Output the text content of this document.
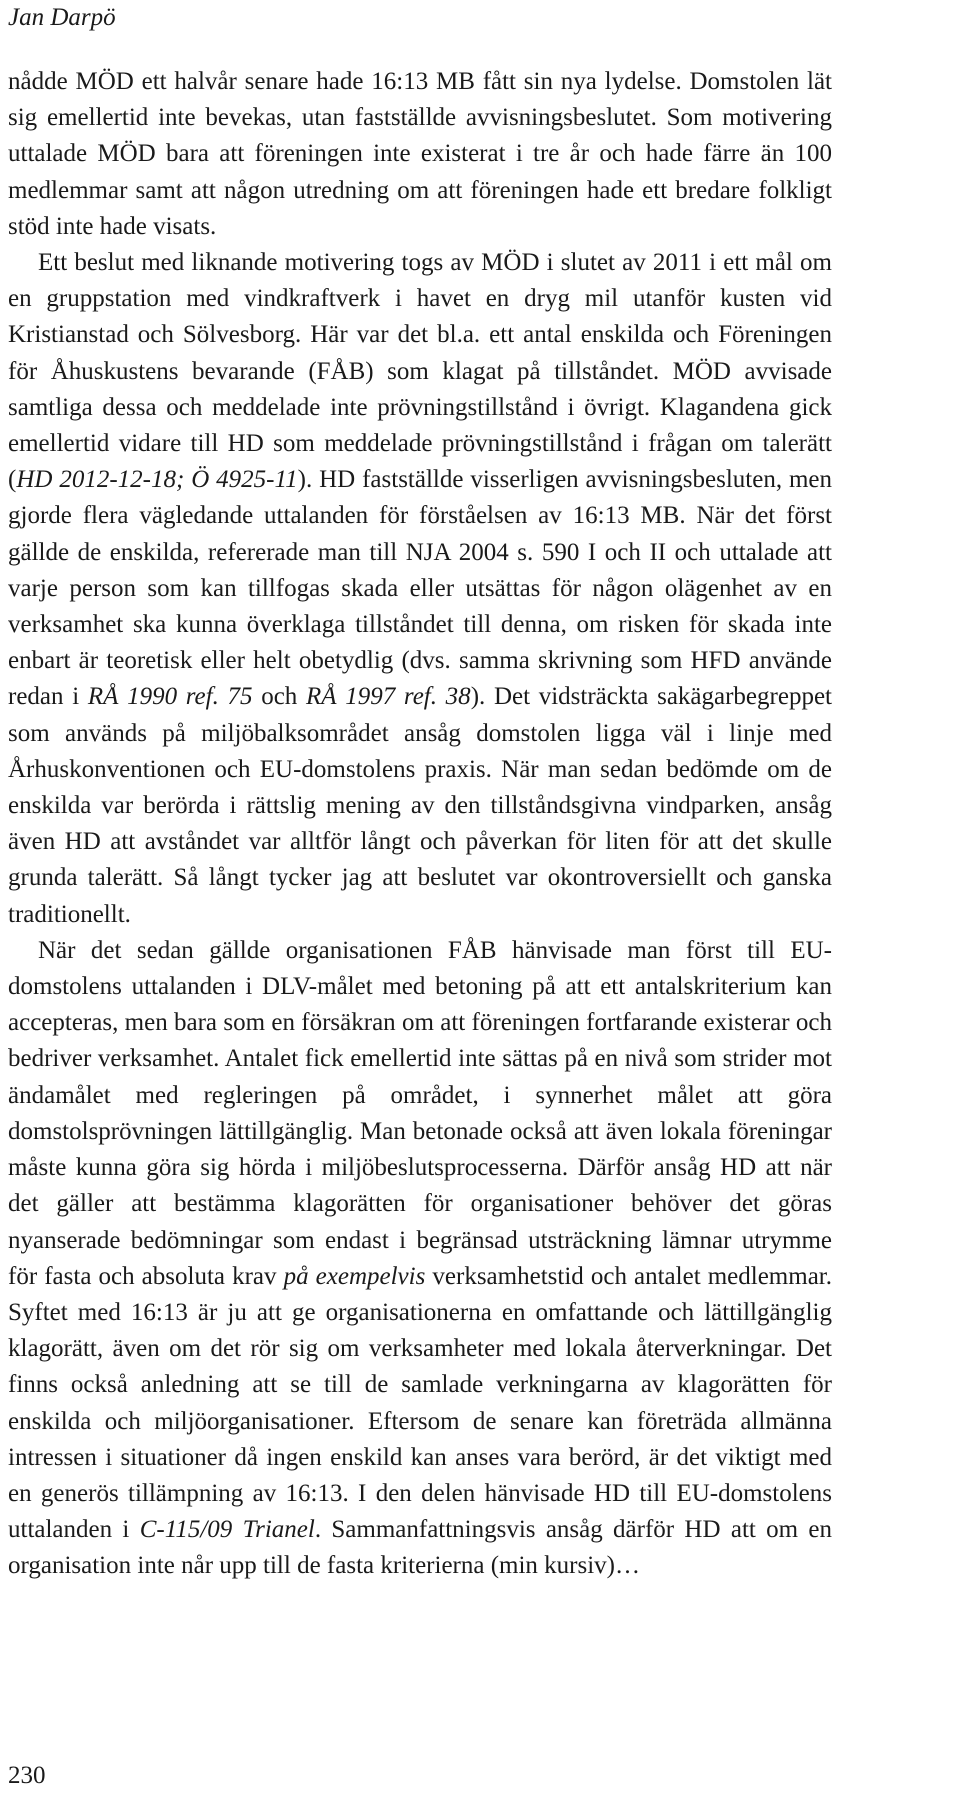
Jan Darpö

nådde MÖD ett halvår senare hade 16:13 MB fått sin nya lydelse. Domstolen lät sig emellertid inte bevekas, utan fastställde avvisningsbeslutet. Som motivering uttalade MÖD bara att föreningen inte existerat i tre år och hade färre än 100 medlemmar samt att någon utredning om att föreningen hade ett bredare folkligt stöd inte hade visats.

Ett beslut med liknande motivering togs av MÖD i slutet av 2011 i ett mål om en gruppstation med vindkraftverk i havet en dryg mil utanför kusten vid Kristianstad och Sölvesborg. Här var det bl.a. ett antal enskilda och Föreningen för Åhuskustens bevarande (FÅB) som klagat på tillståndet. MÖD avvisade samtliga dessa och meddelade inte prövningstillstånd i övrigt. Klagandena gick emellertid vidare till HD som meddelade prövningstillstånd i frågan om talerätt (HD 2012-12-18; Ö 4925-11). HD fastställde visserligen avvisningsbesluten, men gjorde flera vägledande uttalanden för förståelsen av 16:13 MB. När det först gällde de enskilda, refererade man till NJA 2004 s. 590 I och II och uttalade att varje person som kan tillfogas skada eller utsättas för någon olägenhet av en verksamhet ska kunna överklaga tillståndet till denna, om risken för skada inte enbart är teoretisk eller helt obetydlig (dvs. samma skrivning som HFD använde redan i RÅ 1990 ref. 75 och RÅ 1997 ref. 38). Det vidsträckta sakägarbegreppet som används på miljöbalksområdet ansåg domstolen ligga väl i linje med Århuskonventionen och EU-domstolens praxis. När man sedan bedömde om de enskilda var berörda i rättslig mening av den tillståndsgivna vindparken, ansåg även HD att avståndet var alltför långt och påverkan för liten för att det skulle grunda talerätt. Så långt tycker jag att beslutet var okontroversiellt och ganska traditionellt.

När det sedan gällde organisationen FÅB hänvisade man först till EU-domstolens uttalanden i DLV-målet med betoning på att ett antalskriterium kan accepteras, men bara som en försäkran om att föreningen fortfarande existerar och bedriver verksamhet. Antalet fick emellertid inte sättas på en nivå som strider mot ändamålet med regleringen på området, i synnerhet målet att göra domstolsprövningen lättillgänglig. Man betonade också att även lokala föreningar måste kunna göra sig hörda i miljöbeslutsprocesserna. Därför ansåg HD att när det gäller att bestämma klagorätten för organisationer behöver det göras nyanserade bedömningar som endast i begränsad utsträckning lämnar utrymme för fasta och absoluta krav på exempelvis verksamhetstid och antalet medlemmar. Syftet med 16:13 är ju att ge organisationerna en omfattande och lättillgänglig klagorätt, även om det rör sig om verksamheter med lokala återverkningar. Det finns också anledning att se till de samlade verkningarna av klagorätten för enskilda och miljöorganisationer. Eftersom de senare kan företräda allmänna intressen i situationer då ingen enskild kan anses vara berörd, är det viktigt med en generös tillämpning av 16:13. I den delen hänvisade HD till EU-domstolens uttalanden i C-115/09 Trianel. Sammanfattningsvis ansåg därför HD att om en organisation inte når upp till de fasta kriterierna (min kursiv)…

230
